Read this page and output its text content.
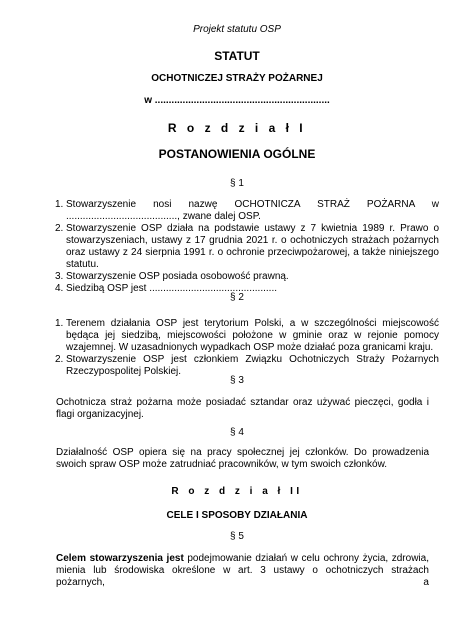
Projekt statutu OSP
STATUT
OCHOTNICZEJ STRAŻY POŻARNEJ
w ...............................................................
R o z d z i a ł I
POSTANOWIENIA OGÓLNE
§ 1
1. Stowarzyszenie nosi nazwę OCHOTNICZA STRAŻ POŻARNA w ........................................, zwane dalej OSP.
2. Stowarzyszenie OSP działa na podstawie ustawy z 7 kwietnia 1989 r. Prawo o stowarzyszeniach, ustawy z 17 grudnia 2021 r. o ochotniczych strażach pożarnych oraz ustawy z 24 sierpnia 1991 r. o ochronie przeciwpożarowej, a także niniejszego statutu.
3. Stowarzyszenie OSP posiada osobowość prawną.
4. Siedzibą OSP jest ..............................................
§ 2
1. Terenem działania OSP jest terytorium Polski, a w szczególności miejscowość będąca jej siedzibą, miejscowości położone w gminie oraz w rejonie pomocy wzajemnej. W uzasadnionych wypadkach OSP może działać poza granicami kraju.
2. Stowarzyszenie OSP jest członkiem Związku Ochotniczych Straży Pożarnych Rzeczypospolitej Polskiej.
§ 3

Ochotnicza straż pożarna może posiadać sztandar oraz używać pieczęci, godła i flagi organizacyjnej.

§ 4

Działalność OSP opiera się na pracy społecznej jej członków. Do prowadzenia swoich spraw OSP może zatrudniać pracowników, w tym swoich członków.

R o z d z i a ł II
CELE I SPOSOBY DZIAŁANIA
§ 5

Celem stowarzyszenia jest podejmowanie działań w celu ochrony życia, zdrowia, mienia lub środowiska określone w art. 3 ustawy o ochotniczych strażach pożarnych, a
